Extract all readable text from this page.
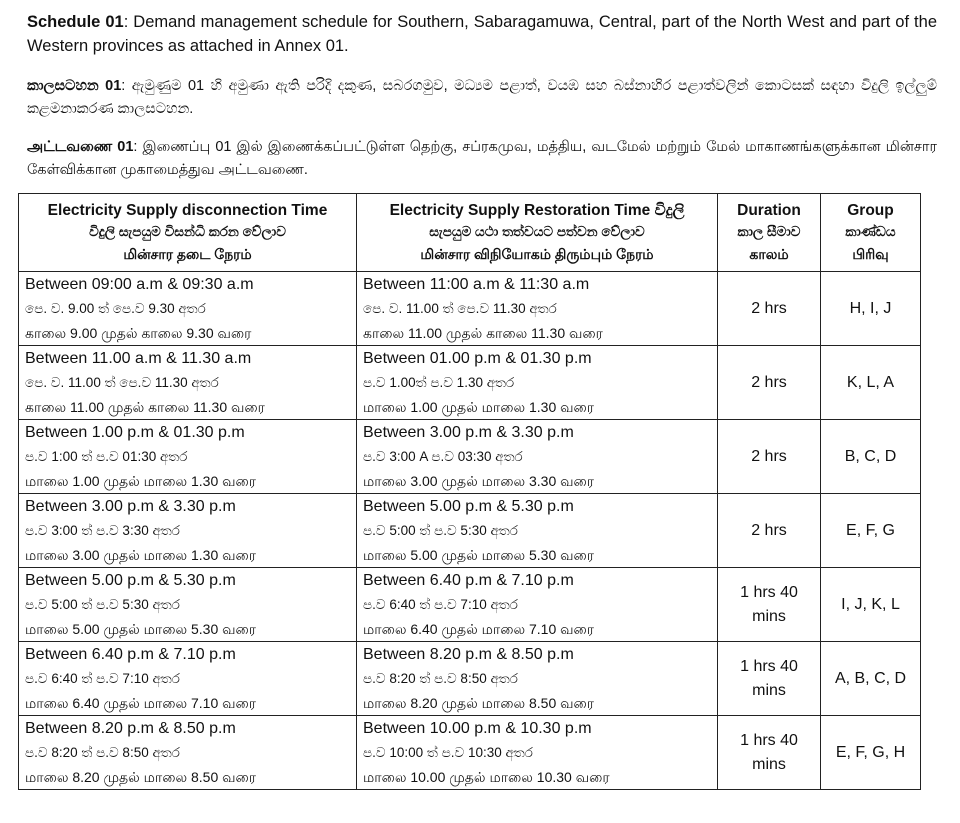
Schedule 01: Demand management schedule for Southern, Sabaragamuwa, Central, part of the North West and part of the Western provinces as attached in Annex 01.
කාලසටහන 01: ඇමුණුම 01 හි අමුණා ඇති පරිදි දකුණ, සබරගමුව, මධ්‍යම පළාත්, වයඹ සහ බස්නාහිර පළාත්වලින් කොටසක් සඳහා විදුලි ඉල්ලුම් කළමනාකරණ කාලසටහන.
அட்டவணை 01: இணைப்பு 01 இல் இணைக்கப்பட்டுள்ள தெற்கு, சப்ரகமுவ, மத்திய, வடமேல் மற்றும் மேல் மாகாணங்களுக்கான மின்சார கேள்விக்கான முகாமைத்துவ அட்டவணை.
Electricity Supply disconnection Time
විදුලි සැපයුම විසන්ධි කරන වේලාව
மின்சார தடை நேரம்	Electricity Supply Restoration Time විදුලි
සැපයුම යථා තත්වයට පත්වන වේලාව
மின்சார விநியோகம் திரும்பும் நேரம்	Duration
කාල සීමාව
காலம்	Group
කාණ්ඩය
பிரிவு

Between 09:00 a.m & 09:30 a.m
පෙ. ව. 9.00 ත් පෙ.ව 9.30 අතර
காலை 9.00 முதல் காலை 9.30 வரை	Between 11:00 a.m & 11:30 a.m
පෙ. ව. 11.00 ත් පෙ.ව 11.30 අතර
காலை 11.00 முதல் காலை 11.30 வரை	2 hrs	H, I, J

Between 11.00 a.m & 11.30 a.m
පෙ. ව. 11.00 ත් පෙ.ව 11.30 අතර
காலை 11.00 முதல் காலை 11.30 வரை	Between 01.00 p.m & 01.30 p.m
ප.ව 1.00ත් ප.ව 1.30 අතර
மாலை 1.00 முதல் மாலை 1.30 வரை	2 hrs	K, L, A

Between 1.00 p.m & 01.30 p.m
ප.ව 1:00 ත් ප.ව 01:30 අතර
மாலை 1.00 முதல் மாலை 1.30 வரை	Between 3.00 p.m & 3.30 p.m
ප.ව 3:00 A ප.ව 03:30 අතර
மாலை 3.00 முதல் மாலை 3.30 வரை	2 hrs	B, C, D

Between 3.00 p.m & 3.30 p.m
ප.ව 3:00 ත් ප.ව 3:30 අතර
மாலை 3.00 முதல் மாலை 1.30 வரை	Between 5.00 p.m & 5.30 p.m
ප.ව 5:00 ත් ප.ව 5:30 අතර
மாலை 5.00 முதல் மாலை 5.30 வரை	2 hrs	E, F, G

Between 5.00 p.m & 5.30 p.m
ප.ව 5:00 ත් ප.ව 5:30 අතර
மாலை 5.00 முதல் மாலை 5.30 வரை	Between 6.40 p.m & 7.10 p.m
ප.ව 6:40 ත් ප.ව 7:10 අතර
மாலை 6.40 முதல் மாலை 7.10 வரை	1 hrs 40 mins	I, J, K, L

Between 6.40 p.m & 7.10 p.m
ප.ව 6:40 ත් ප.ව 7:10 අතර
மாலை 6.40 முதல் மாலை 7.10 வரை	Between 8.20 p.m & 8.50 p.m
ප.ව 8:20 ත් ප.ව 8:50 අතර
மாலை 8.20 முதல் மாலை 8.50 வரை	1 hrs 40 mins	A, B, C, D

Between 8.20 p.m & 8.50 p.m
ප.ව 8:20 ත් ප.ව 8:50 අතර
மாலை 8.20 முதல் மாலை 8.50 வரை	Between 10.00 p.m & 10.30 p.m
ප.ව 10:00 ත් ප.ව 10:30 අතර
மாலை 10.00 முதல் மாலை 10.30 வரை	1 hrs 40 mins	E, F, G, H
